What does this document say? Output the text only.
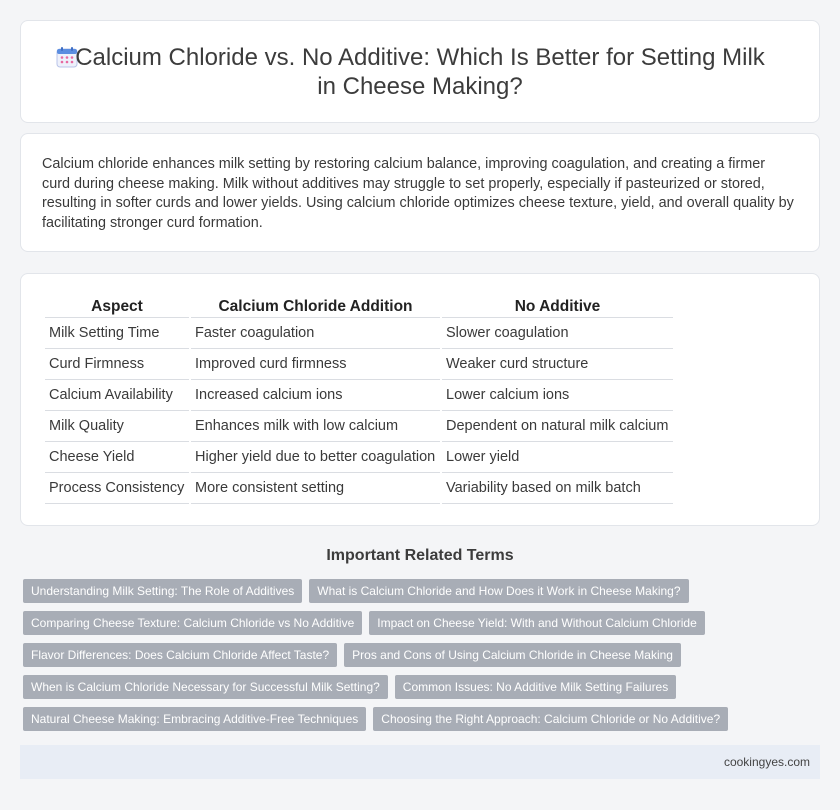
Calcium Chloride vs. No Additive: Which Is Better for Setting Milk in Cheese Making?

Calcium chloride enhances milk setting by restoring calcium balance, improving coagulation, and creating a firmer curd during cheese making. Milk without additives may struggle to set properly, especially if pasteurized or stored, resulting in softer curds and lower yields. Using calcium chloride optimizes cheese texture, yield, and overall quality by facilitating stronger curd formation.

Aspect	Calcium Chloride Addition	No Additive
Milk Setting Time	Faster coagulation	Slower coagulation
Curd Firmness	Improved curd firmness	Weaker curd structure
Calcium Availability	Increased calcium ions	Lower calcium ions
Milk Quality	Enhances milk with low calcium	Dependent on natural milk calcium
Cheese Yield	Higher yield due to better coagulation	Lower yield
Process Consistency	More consistent setting	Variability based on milk batch
Important Related Terms
Understanding Milk Setting: The Role of Additives	What is Calcium Chloride and How Does it Work in Cheese Making?
Comparing Cheese Texture: Calcium Chloride vs No Additive	Impact on Cheese Yield: With and Without Calcium Chloride
Flavor Differences: Does Calcium Chloride Affect Taste?	Pros and Cons of Using Calcium Chloride in Cheese Making
When is Calcium Chloride Necessary for Successful Milk Setting?	Common Issues: No Additive Milk Setting Failures
Natural Cheese Making: Embracing Additive-Free Techniques	Choosing the Right Approach: Calcium Chloride or No Additive?
cookingyes.com
